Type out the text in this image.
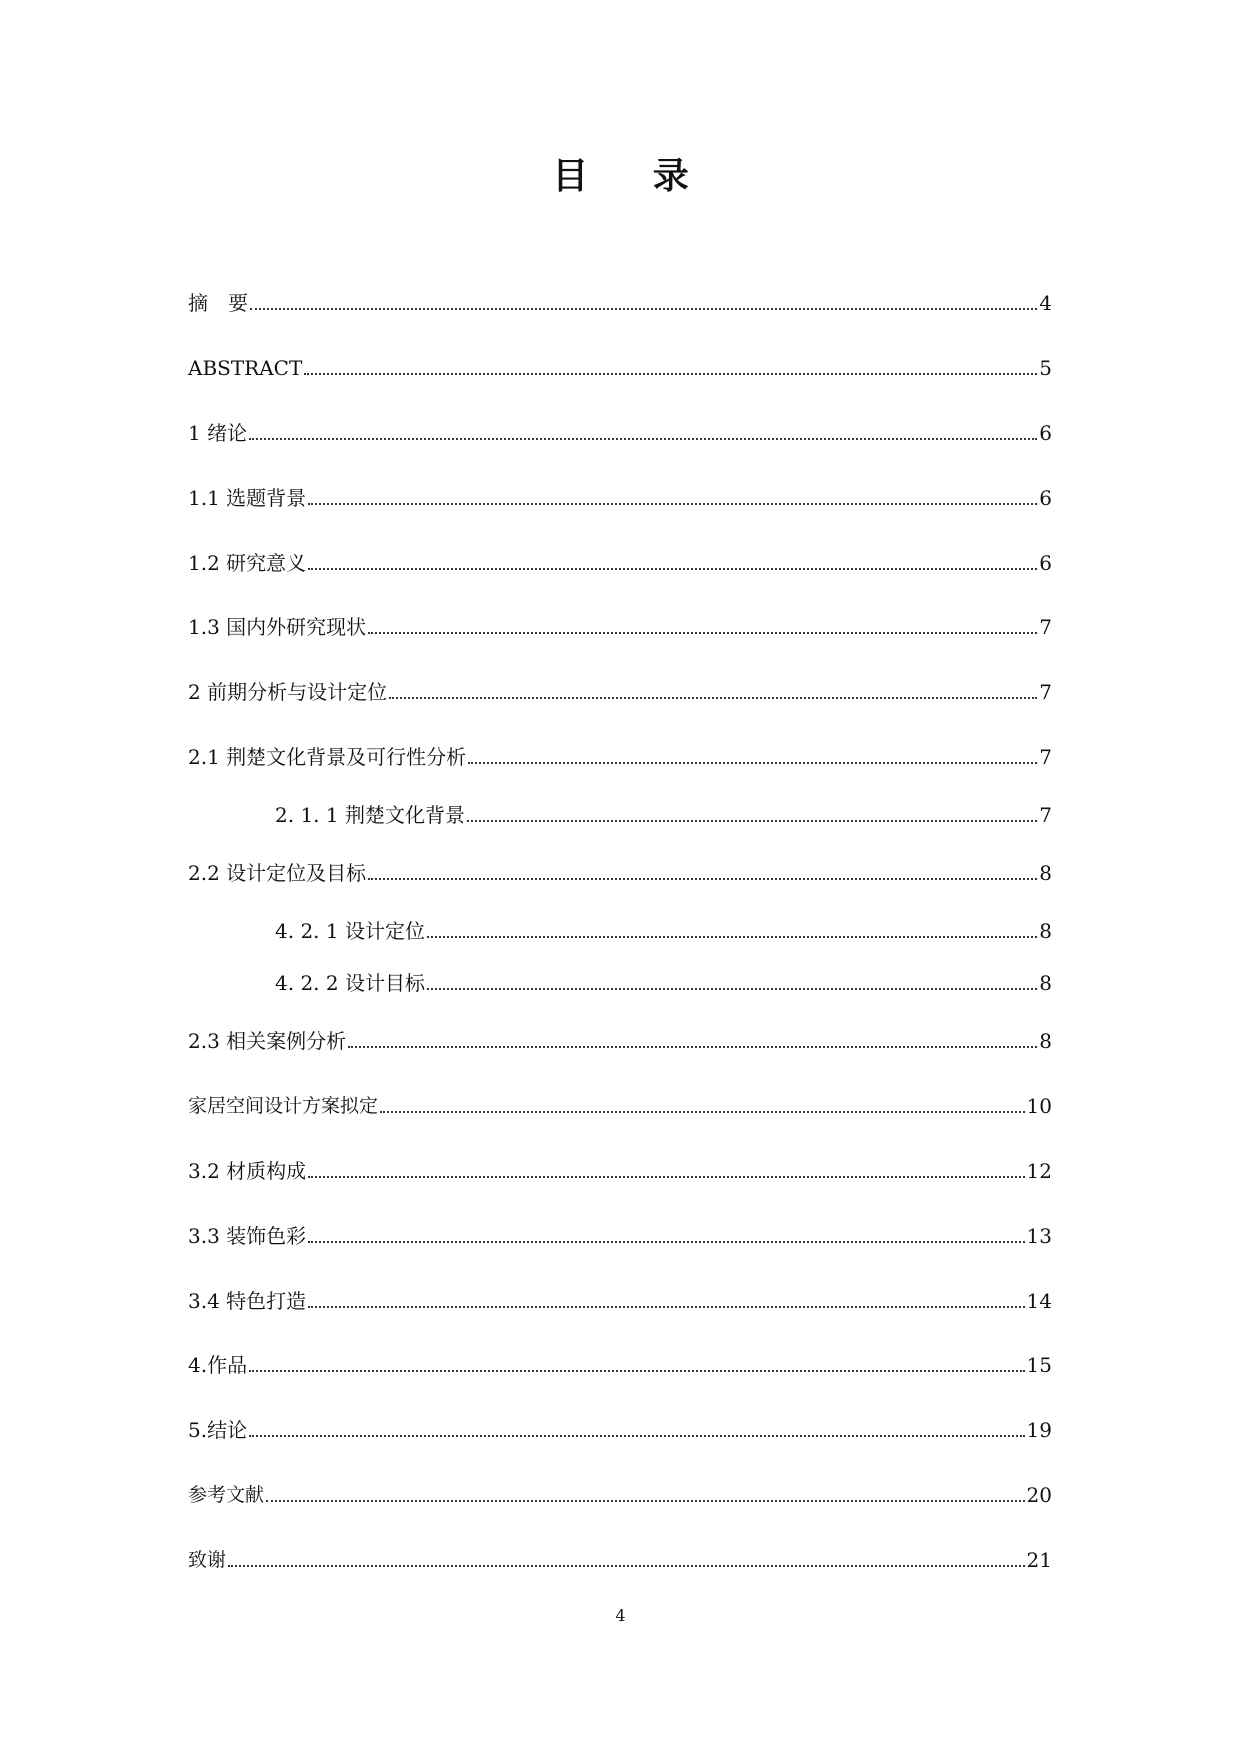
目 录
摘　要	4
ABSTRACT	5
1 绪论	6
1.1 选题背景	6
1.2 研究意义	6
1.3 国内外研究现状	7
2 前期分析与设计定位	7
2.1 荆楚文化背景及可行性分析	7
2. 1. 1 荆楚文化背景	7
2.2 设计定位及目标	8
4. 2. 1 设计定位	8
4. 2. 2 设计目标	8
2.3 相关案例分析	8
家居空间设计方案拟定	10
3.2 材质构成	12
3.3 装饰色彩	13
3.4 特色打造	14
4.作品	15
5.结论	19
参考文献	20
致谢	21
4
